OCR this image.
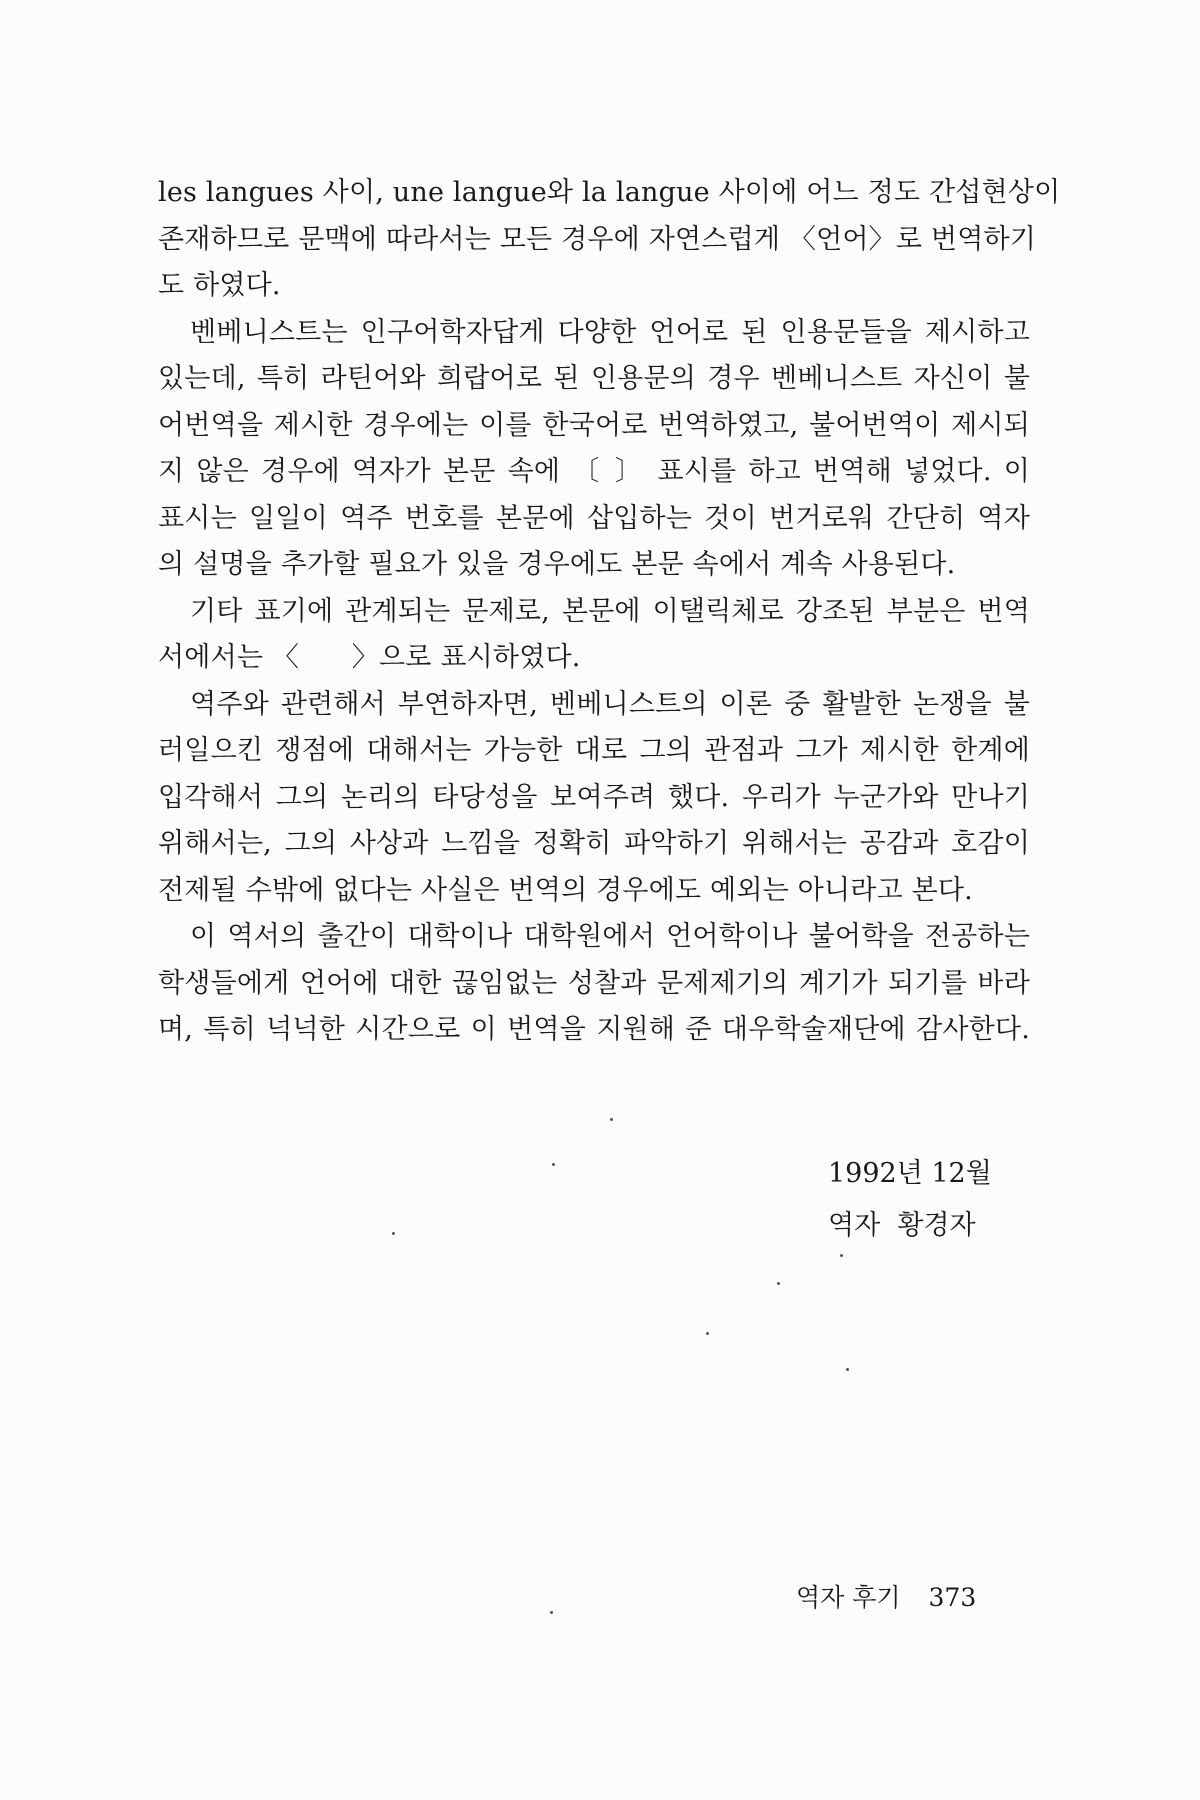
les langues 사이, une langue와 la langue 사이에 어느 정도 간섭현상이
존재하므로 문맥에 따라서는 모든 경우에 자연스럽게 〈언어〉로 번역하기
도 하였다.

벤베니스트는 인구어학자답게 다양한 언어로 된 인용문들을 제시하고
있는데, 특히 라틴어와 희랍어로 된 인용문의 경우 벤베니스트 자신이 불
어번역을 제시한 경우에는 이를 한국어로 번역하였고, 불어번역이 제시되
지 않은 경우에 역자가 본문 속에 〔 〕 표시를 하고 번역해 넣었다. 이
표시는 일일이 역주 번호를 본문에 삽입하는 것이 번거로워 간단히 역자
의 설명을 추가할 필요가 있을 경우에도 본문 속에서 계속 사용된다.

기타 표기에 관계되는 문제로, 본문에 이탤릭체로 강조된 부분은 번역
서에서는 〈      〉으로 표시하였다.

역주와 관련해서 부연하자면, 벤베니스트의 이론 중 활발한 논쟁을 불
러일으킨 쟁점에 대해서는 가능한 대로 그의 관점과 그가 제시한 한계에
입각해서 그의 논리의 타당성을 보여주려 했다. 우리가 누군가와 만나기
위해서는, 그의 사상과 느낌을 정확히 파악하기 위해서는 공감과 호감이
전제될 수밖에 없다는 사실은 번역의 경우에도 예외는 아니라고 본다.

이 역서의 출간이 대학이나 대학원에서 언어학이나 불어학을 전공하는
학생들에게 언어에 대한 끊임없는 성찰과 문제제기의 계기가 되기를 바라
며, 특히 넉넉한 시간으로 이 번역을 지원해 준 대우학술재단에 감사한다.

1992년 12월
역자  황경자
역자 후기 373
